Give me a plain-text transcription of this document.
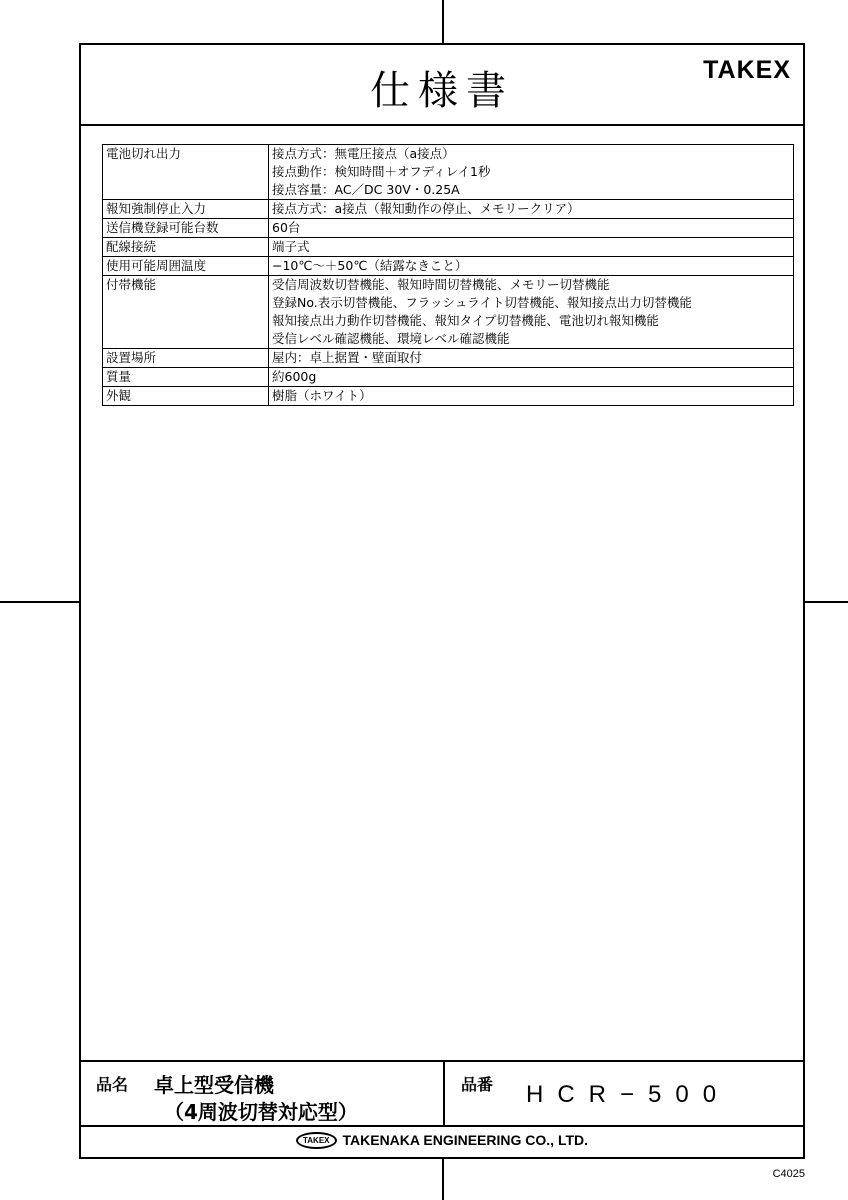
仕様書	TAKEX
電池切れ出力	接点方式：無電圧接点（a接点）
接点動作：検知時間＋オフディレイ1秒
接点容量：AC／DC 30V・0.25A

報知強制停止入力	接点方式：a接点（報知動作の停止、メモリークリア）

送信機登録可能台数	60台

配線接続	端子式

使用可能周囲温度	−10℃〜＋50℃（結露なきこと）

付帯機能	受信周波数切替機能、報知時間切替機能、メモリー切替機能
登録No.表示切替機能、フラッシュライト切替機能、報知接点出力切替機能
報知接点出力動作切替機能、報知タイプ切替機能、電池切れ報知機能
受信レベル確認機能、環境レベル確認機能

設置場所	屋内：卓上据置・壁面取付

質量	約600g

外観	樹脂（ホワイト）
品名 卓上型受信機
（4周波切替対応型）
品番 HCR−500
TAKEX TAKENAKA ENGINEERING CO., LTD.
C4025
